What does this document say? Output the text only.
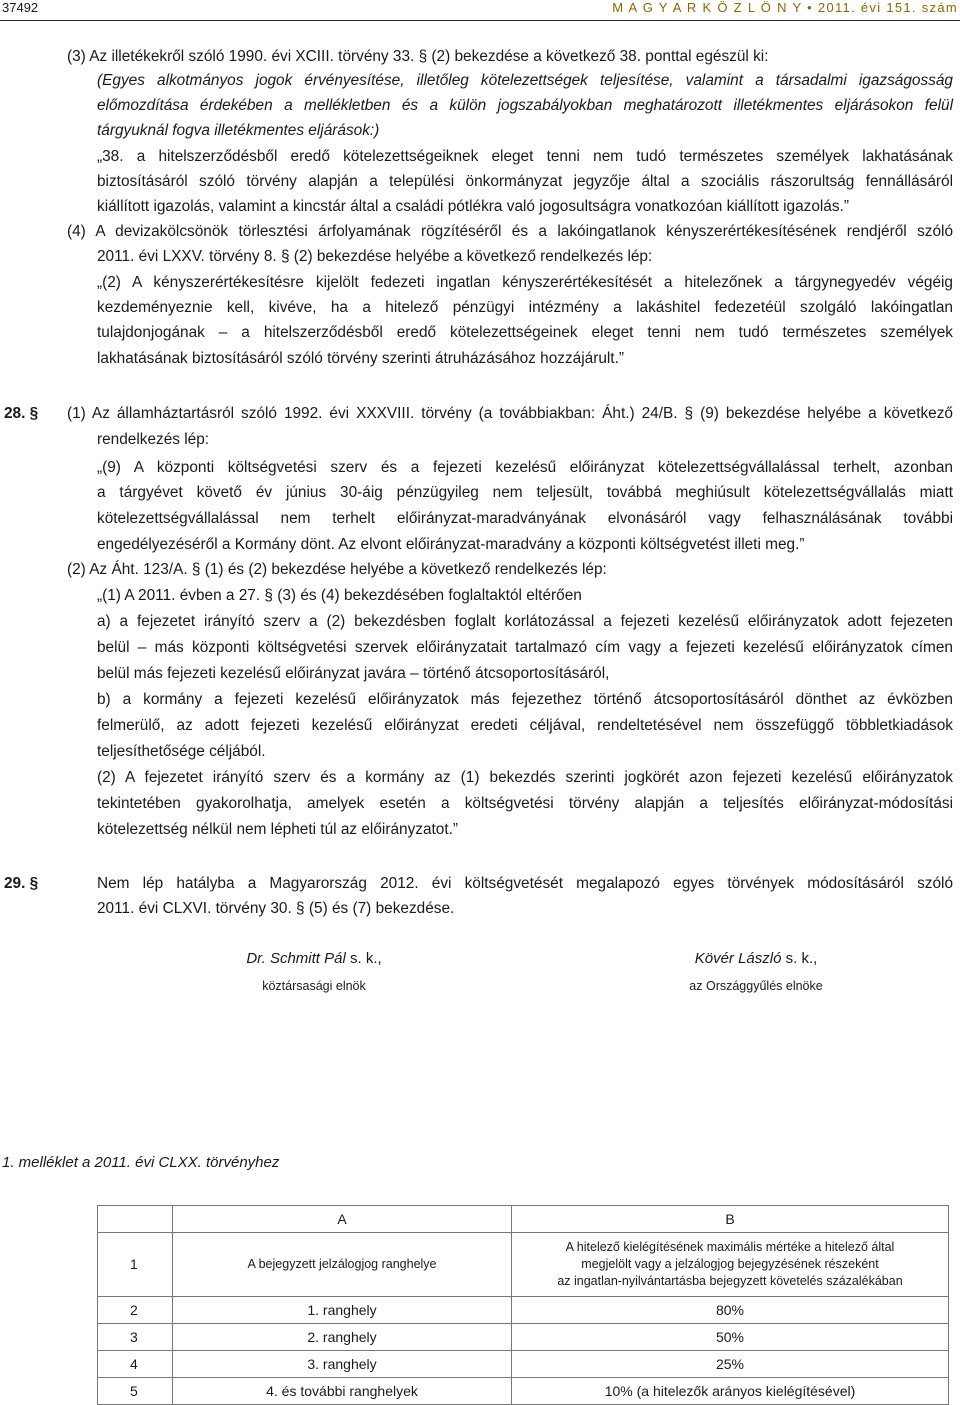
37492	M A G Y A R K Ö Z L Ö N Y • 2011. évi 151. szám
(3) Az illetékekről szóló 1990. évi XCIII. törvény 33. § (2) bekezdése a következő 38. ponttal egészül ki:
(Egyes alkotmányos jogok érvényesítése, illetőleg kötelezettségek teljesítése, valamint a társadalmi igazságosság
előmozdítása érdekében a mellékletben és a külön jogszabályokban meghatározott illetékmentes eljárásokon felül
tárgyuknál fogva illetékmentes eljárások:)
„38. a hitelszerződésből eredő kötelezettségeiknek eleget tenni nem tudó természetes személyek lakhatásának
biztosításáról szóló törvény alapján a települési önkormányzat jegyzője által a szociális rászorultság fennállásáról
kiállított igazolás, valamint a kincstár által a családi pótlékra való jogosultságra vonatkozóan kiállított igazolás.”
(4) A devizakölcsönök törlesztési árfolyamának rögzítéséről és a lakóingatlanok kényszerértékesítésének rendjéről szóló
2011. évi LXXV. törvény 8. § (2) bekezdése helyébe a következő rendelkezés lép:
„(2) A kényszerértékesítésre kijelölt fedezeti ingatlan kényszerértékesítését a hitelezőnek a tárgynegyedév végéig
kezdeményeznie kell, kivéve, ha a hitelező pénzügyi intézmény a lakáshitel fedezetéül szolgáló lakóingatlan
tulajdonjogának – a hitelszerződésből eredő kötelezettségeinek eleget tenni nem tudó természetes személyek
lakhatásának biztosításáról szóló törvény szerinti átruházásához hozzájárult.”
(1) Az államháztartásról szóló 1992. évi XXXVIII. törvény (a továbbiakban: Áht.) 24/B. § (9) bekezdése helyébe a következő
rendelkezés lép:
„(9) A központi költségvetési szerv és a fejezeti kezelésű előirányzat kötelezettségvállalással terhelt, azonban
a tárgyévet követő év június 30-áig pénzügyileg nem teljesült, továbbá meghiúsult kötelezettségvállalás miatt
kötelezettségvállalással nem terhelt előirányzat-maradványának elvonásáról vagy felhasználásának további
engedélyezéséről a Kormány dönt. Az elvont előirányzat-maradvány a központi költségvetést illeti meg.”
(2) Az Áht. 123/A. § (1) és (2) bekezdése helyébe a következő rendelkezés lép:
„(1) A 2011. évben a 27. § (3) és (4) bekezdésében foglaltaktól eltérően
a) a fejezetet irányító szerv a (2) bekezdésben foglalt korlátozással a fejezeti kezelésű előirányzatok adott fejezeten
belül – más központi költségvetési szervek előirányzatait tartalmazó cím vagy a fejezeti kezelésű előirányzatok címen
belül más fejezeti kezelésű előirányzat javára – történő átcsoportosításáról,
b) a kormány a fejezeti kezelésű előirányzatok más fejezethez történő átcsoportosításáról dönthet az évközben
felmerülő, az adott fejezeti kezelésű előirányzat eredeti céljával, rendeltetésével nem összefüggő többletkiadások
teljesíthetősége céljából.
(2) A fejezetet irányító szerv és a kormány az (1) bekezdés szerinti jogkörét azon fejezeti kezelésű előirányzatok
tekintetében gyakorolhatja, amelyek esetén a költségvetési törvény alapján a teljesítés előirányzat-módosítási
kötelezettség nélkül nem lépheti túl az előirányzatot.”
Nem lép hatályba a Magyarország 2012. évi költségvetését megalapozó egyes törvények módosításáról szóló
2011. évi CLXVI. törvény 30. § (5) és (7) bekezdése.
28. §
29. §
Dr. Schmitt Pál s. k.,
köztársasági elnök
Kövér László s. k.,
az Országgyűlés elnöke
1. melléklet a 2011. évi CLXX. törvényhez
	A	B
1	A bejegyzett jelzálogjog ranghelye	A hitelező kielégítésének maximális mértéke a hitelező által
megjelölt vagy a jelzálogjog bejegyzésének részeként
az ingatlan-nyilvántartásba bejegyzett követelés százalékában

2	1. ranghely	80%
3	2. ranghely	50%
4	3. ranghely	25%
5	4. és további ranghelyek	10% (a hitelezők arányos kielégítésével)
